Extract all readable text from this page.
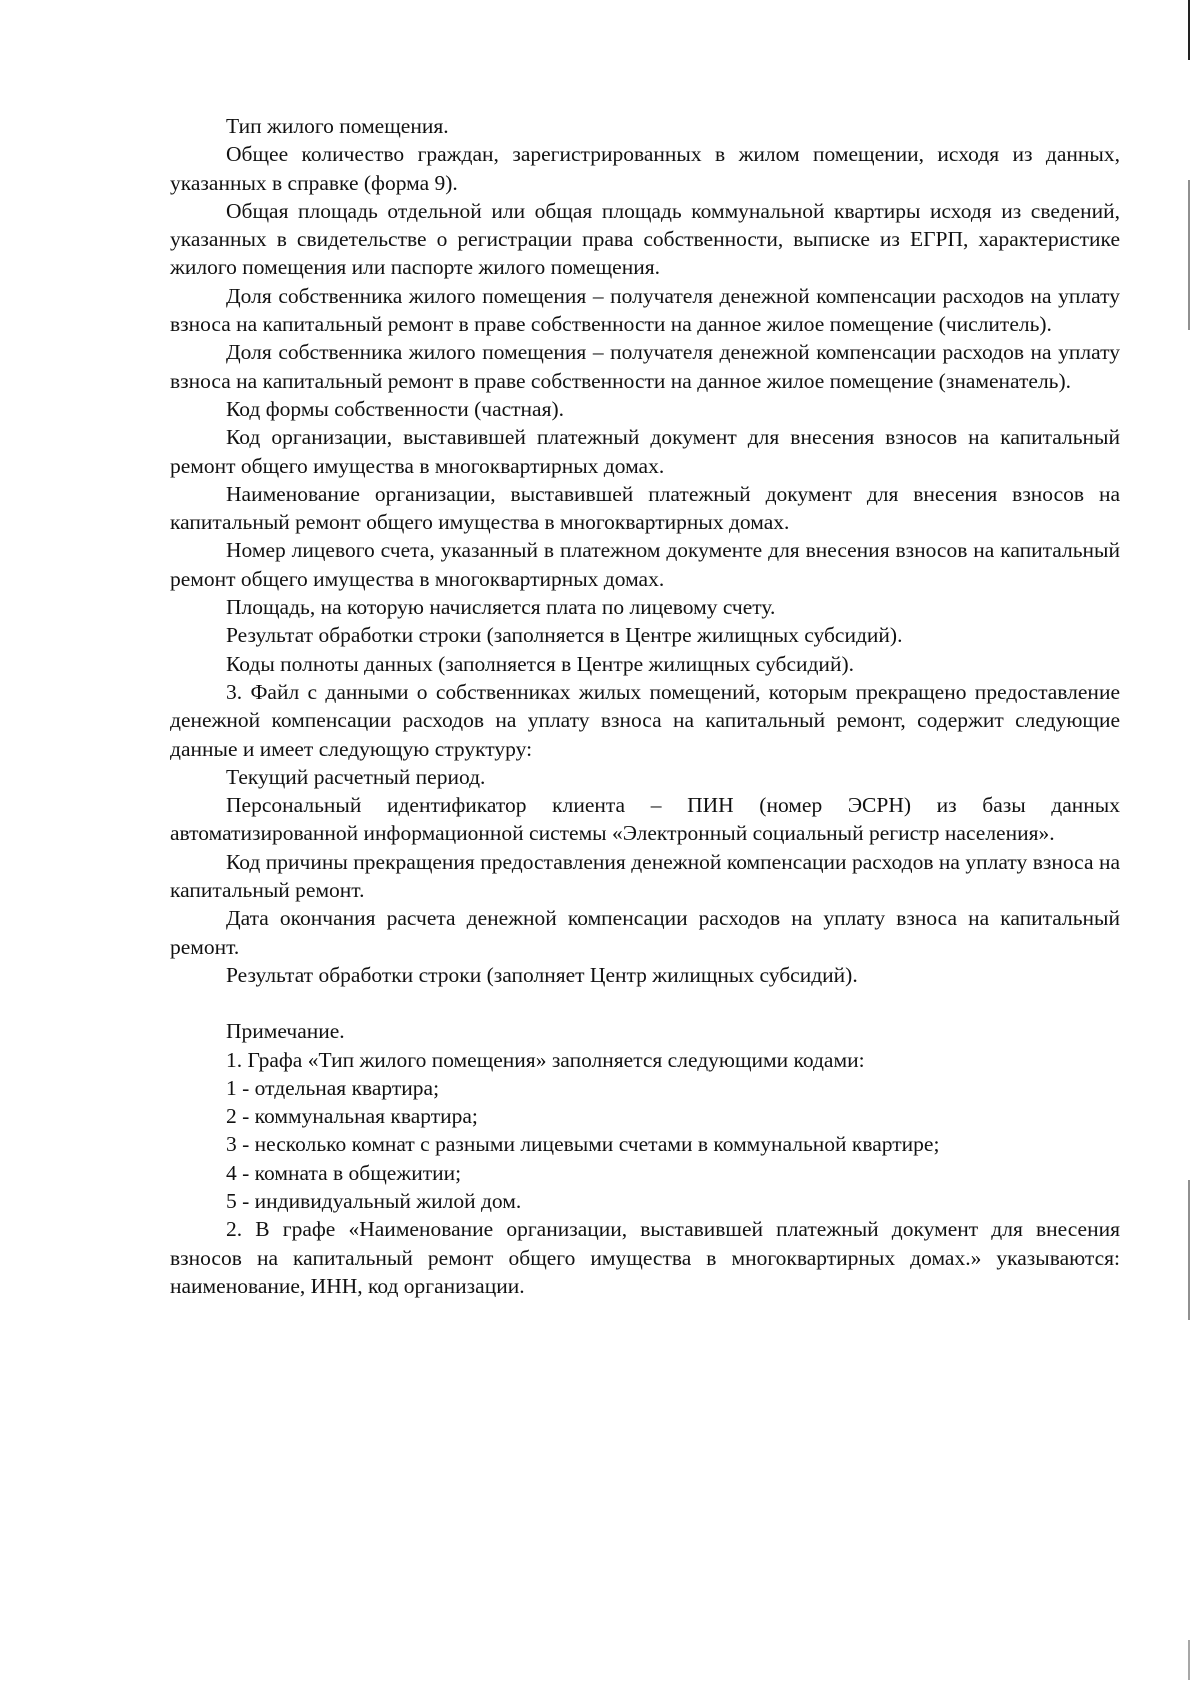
Тип жилого помещения.

Общее количество граждан, зарегистрированных в жилом помещении, исходя из данных, указанных в справке (форма 9).

Общая площадь отдельной или общая площадь коммунальной квартиры исходя из сведений, указанных в свидетельстве о регистрации права собственности, выписке из ЕГРП, характеристике жилого помещения или паспорте жилого помещения.

Доля собственника жилого помещения – получателя денежной компенсации расходов на уплату взноса на капитальный ремонт в праве собственности на данное жилое помещение (числитель).

Доля собственника жилого помещения – получателя денежной компенсации расходов на уплату взноса на капитальный ремонт в праве собственности на данное жилое помещение (знаменатель).

Код формы собственности (частная).

Код организации, выставившей платежный документ для внесения взносов на капитальный ремонт общего имущества в многоквартирных домах.

Наименование организации, выставившей платежный документ для внесения взносов на капитальный ремонт общего имущества в многоквартирных домах.

Номер лицевого счета, указанный в платежном документе для внесения взносов на капитальный ремонт общего имущества в многоквартирных домах.

Площадь, на которую начисляется плата по лицевому счету.

Результат обработки строки (заполняется в Центре жилищных субсидий).

Коды полноты данных (заполняется в Центре жилищных субсидий).

3. Файл с данными о собственниках жилых помещений, которым прекращено предоставление денежной компенсации расходов на уплату взноса на капитальный ремонт, содержит следующие данные и имеет следующую структуру:

Текущий расчетный период.

Персональный идентификатор клиента – ПИН (номер ЭСРН) из базы данных автоматизированной информационной системы «Электронный социальный регистр населения».

Код причины прекращения предоставления денежной компенсации расходов на уплату взноса на капитальный ремонт.

Дата окончания расчета денежной компенсации расходов на уплату взноса на капитальный ремонт.

Результат обработки строки (заполняет Центр жилищных субсидий).

Примечание.

1. Графа «Тип жилого помещения» заполняется следующими кодами:

1 - отдельная квартира;

2 - коммунальная квартира;

3 - несколько комнат с разными лицевыми счетами в коммунальной квартире;

4 - комната в общежитии;

5 - индивидуальный жилой дом.

2. В графе «Наименование организации, выставившей платежный документ для внесения взносов на капитальный ремонт общего имущества в многоквартирных домах.» указываются: наименование, ИНН, код организации.
